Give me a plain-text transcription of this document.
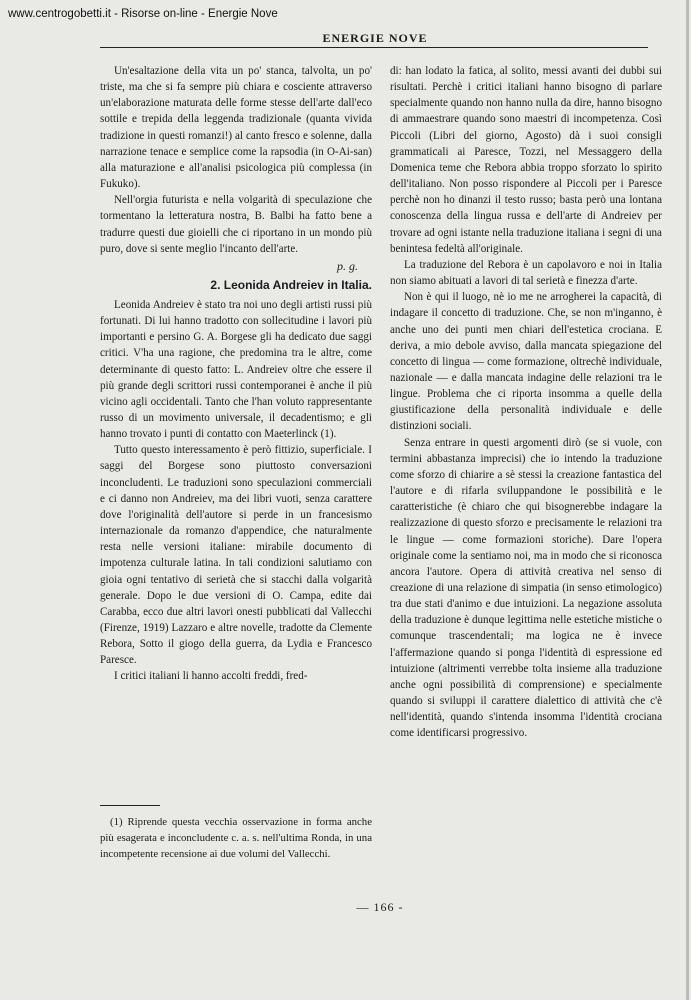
www.centrogobetti.it - Risorse on-line - Energie Nove
ENERGIE NOVE

Un'esaltazione della vita un po' stanca, talvolta, un po' triste, ma che si fa sempre più chiara e cosciente attraverso un'elaborazione maturata delle forme stesse dell'arte dall'eco sottile e trepida della leggenda tradizionale (quanta vivida tradizione in questi romanzi!) al canto fresco e solenne, dalla narrazione tenace e semplice come la rapsodia (in O-Ai-san) alla maturazione e all'analisi psicologica più complessa (in Fukuko).

Nell'orgia futurista e nella volgarità di speculazione che tormentano la letteratura nostra, B. Balbi ha fatto bene a tradurre questi due gioielli che ci riportano in un mondo più puro, dove si sente meglio l'incanto dell'arte.

p. g.
2. Leonida Andreiev in Italia.

Leonida Andreiev è stato tra noi uno degli artisti russi più fortunati. Di lui hanno tradotto con sollecitudine i lavori più importanti e persino G. A. Borgese gli ha dedicato due saggi critici. V'ha una ragione, che predomina tra le altre, come determinante di questo fatto: L. Andreiev oltre che essere il più grande degli scrittori russi contemporanei è anche il più vicino agli occidentali. Tanto che l'han voluto rappresentante russo di un movimento universale, il decadentismo; e gli hanno trovato i punti di contatto con Maeterlinck (1).

Tutto questo interessamento è però fittizio, superficiale. I saggi del Borgese sono piuttosto conversazioni inconcludenti. Le traduzioni sono speculazioni commerciali e ci danno non Andreiev, ma dei libri vuoti, senza carattere dove l'originalità dell'autore si perde in un francesismo internazionale da romanzo d'appendice, che naturalmente resta nelle versioni italiane: mirabile documento di impotenza culturale latina. In tali condizioni salutiamo con gioia ogni tentativo di serietà che si stacchi dalla volgarità generale. Dopo le due versioni di O. Campa, edite dai Carabba, ecco due altri lavori onesti pubblicati dal Vallecchi (Firenze, 1919) Lazzaro e altre novelle, tradotte da Clemente Rebora, Sotto il giogo della guerra, da Lydia e Francesco Paresce.

I critici italiani li hanno accolti freddi, fred-

(1) Riprende questa vecchia osservazione in forma anche più esagerata e inconcludente c. a. s. nell'ultima Ronda, in una incompetente recensione ai due volumi del Vallecchi.

di: han lodato la fatica, al solito, messi avanti dei dubbi sui risultati. Perchè i critici italiani hanno bisogno di parlare specialmente quando non hanno nulla da dire, hanno bisogno di ammaestrare quando sono maestri di incompetenza. Così Piccoli (Libri del giorno, Agosto) dà i suoi consigli grammaticali ai Paresce, Tozzi, nel Messaggero della Domenica teme che Rebora abbia troppo sforzato lo spirito dell'italiano. Non posso rispondere al Piccoli per i Paresce perchè non ho dinanzi il testo russo; basta però una lontana conoscenza della lingua russa e dell'arte di Andreiev per trovare ad ogni istante nella traduzione italiana i segni di una benintesa fedeltà all'originale.

La traduzione del Rebora è un capolavoro e noi in Italia non siamo abituati a lavori di tal serietà e finezza d'arte.

Non è qui il luogo, nè io me ne arrogherei la capacità, di indagare il concetto di traduzione. Che, se non m'inganno, è anche uno dei punti men chiari dell'estetica crociana. E deriva, a mio debole avviso, dalla mancata spiegazione del concetto di lingua — come formazione, oltrechè individuale, nazionale — e dalla mancata indagine delle relazioni tra le lingue. Problema che ci riporta insomma a quelle della giustificazione della personalità individuale e delle distinzioni sociali.

Senza entrare in questi argomenti dirò (se si vuole, con termini abbastanza imprecisi) che io intendo la traduzione come sforzo di chiarire a sè stessi la creazione fantastica del l'autore e di rifarla sviluppandone le possibilità e le caratteristiche (è chiaro che qui bisognerebbe indagare la realizzazione di questo sforzo e precisamente le relazioni tra le lingue — come formazioni storiche). Dare l'opera originale come la sentiamo noi, ma in modo che si riconosca ancora l'autore. Opera di attività creativa nel senso di creazione di una relazione di simpatia (in senso etimologico) tra due stati d'animo e due intuizioni. La negazione assoluta della traduzione è dunque legittima nelle estetiche mistiche o comunque trascendentali; ma logica ne è invece l'affermazione quando si ponga l'identità di espressione ed intuizione (altrimenti verrebbe tolta insieme alla traduzione anche ogni possibilità di comprensione) e specialmente quando si sviluppi il carattere dialettico di attività che c'è nell'identità, quando s'intenda insomma l'identità crociana come identificarsi progressivo.

— 166 -
